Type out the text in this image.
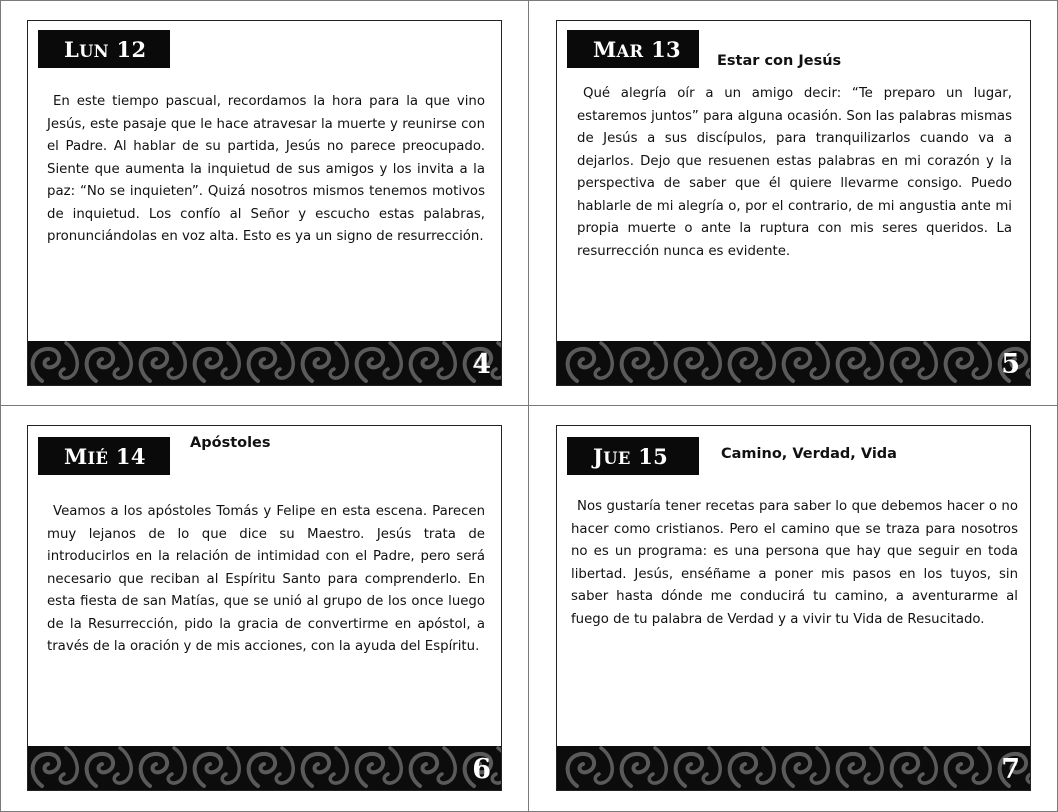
LUN 12

En este tiempo pascual, recordamos la hora para la que vino Jesús, este pasaje que le hace atravesar la muerte y reunirse con el Padre. Al hablar de su partida, Jesús no parece preocupado. Siente que aumenta la inquietud de sus amigos y los invita a la paz: “No se inquieten”. Quizá nosotros mismos tenemos motivos de inquietud. Los confío al Señor y escucho estas palabras, pronunciándolas en voz alta. Esto es ya un signo de resurrección.

4
MAR 13 Estar con Jesús

Qué alegría oír a un amigo decir: “Te preparo un lugar, estaremos juntos” para alguna ocasión. Son las palabras mismas de Jesús a sus discípulos, para tranquilizarlos cuando va a dejarlos. Dejo que resuenen estas palabras en mi corazón y la perspectiva de saber que él quiere llevarme consigo. Puedo hablarle de mi alegría o, por el contrario, de mi angustia ante mi propia muerte o ante la ruptura con mis seres queridos. La resurrección nunca es evidente.

5
MIÉ 14
Apóstoles

Veamos a los apóstoles Tomás y Felipe en esta escena. Parecen muy lejanos de lo que dice su Maestro. Jesús trata de introducirlos en la relación de intimidad con el Padre, pero será necesario que reciban al Espíritu Santo para comprenderlo. En esta fiesta de san Matías, que se unió al grupo de los once luego de la Resurrección, pido la gracia de convertirme en apóstol, a través de la oración y de mis acciones, con la ayuda del Espíritu.

6
JUE 15	Camino, Verdad, Vida

Nos gustaría tener recetas para saber lo que debemos hacer o no hacer como cristianos. Pero el camino que se traza para nosotros no es un programa: es una persona que hay que seguir en toda libertad. Jesús, enséñame a poner mis pasos en los tuyos, sin saber hasta dónde me conducirá tu camino, a aventurarme al fuego de tu palabra de Verdad y a vivir tu Vida de Resucitado.

7
